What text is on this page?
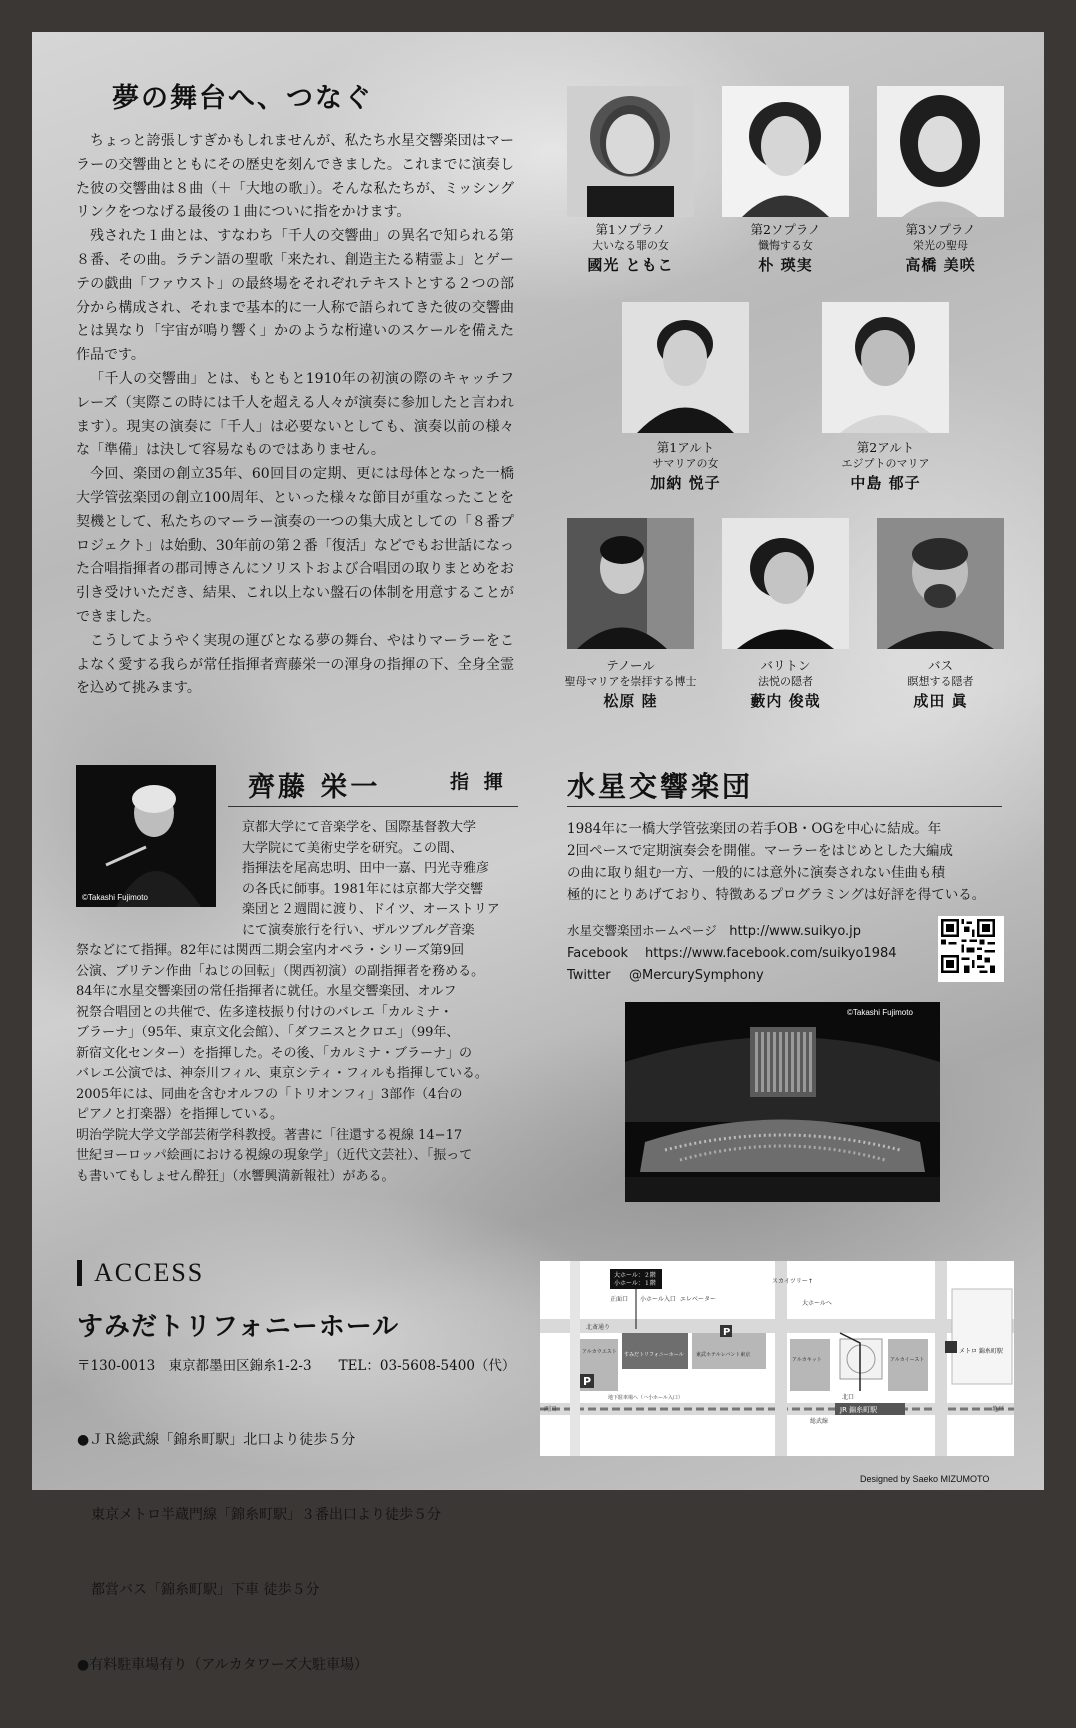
夢の舞台へ、つなぐ

ちょっと誇張しすぎかもしれませんが、私たち水星交響楽団はマーラーの交響曲とともにその歴史を刻んできました。これまでに演奏した彼の交響曲は８曲（＋「大地の歌」）。そんな私たちが、ミッシングリンクをつなげる最後の１曲についに指をかけます。

残された１曲とは、すなわち「千人の交響曲」の異名で知られる第８番、その曲。ラテン語の聖歌「来たれ、創造主たる精霊よ」とゲーテの戯曲「ファウスト」の最終場をそれぞれテキストとする２つの部分から構成され、それまで基本的に一人称で語られてきた彼の交響曲とは異なり「宇宙が鳴り響く」かのような桁違いのスケールを備えた作品です。

「千人の交響曲」とは、もともと1910年の初演の際のキャッチフレーズ（実際この時には千人を超える人々が演奏に参加したと言われます）。現実の演奏に「千人」は必要ないとしても、演奏以前の様々な「準備」は決して容易なものではありません。

今回、楽団の創立35年、60回目の定期、更には母体となった一橋大学管弦楽団の創立100周年、といった様々な節目が重なったことを契機として、私たちのマーラー演奏の一つの集大成としての「８番プロジェクト」は始動、30年前の第２番「復活」などでもお世話になった合唱指揮者の郡司博さんにソリストおよび合唱団の取りまとめをお引き受けいただき、結果、これ以上ない盤石の体制を用意することができました。

こうしてようやく実現の運びとなる夢の舞台、やはりマーラーをこよなく愛する我らが常任指揮者齊藤栄一の渾身の指揮の下、全身全霊を込めて挑みます。

第1ソプラノ
大いなる罪の女
國光 ともこ
第2ソプラノ
懺悔する女
朴 瑛実
第3ソプラノ
栄光の聖母
高橋 美咲
第1アルト
サマリアの女
加納 悦子
第2アルト
エジプトのマリア
中島 郁子
テノール
聖母マリアを崇拝する博士
松原 陸
バリトン
法悦の隠者
藪内 俊哉
バス
瞑想する隠者
成田 眞
©Takashi Fujimoto
齊藤 栄一	指 揮
京都大学にて音楽学を、国際基督教大学
大学院にて美術史学を研究。この間、
指揮法を尾高忠明、田中一嘉、円光寺雅彦
の各氏に師事。1981年には京都大学交響
楽団と２週間に渡り、ドイツ、オーストリア
にて演奏旅行を行い、ザルツブルグ音楽
祭などにて指揮。82年には関西二期会室内オペラ・シリーズ第9回
公演、ブリテン作曲「ねじの回転」（関西初演）の副指揮者を務める。
84年に水星交響楽団の常任指揮者に就任。水星交響楽団、オルフ
祝祭合唱団との共催で、佐多達枝振り付けのバレエ「カルミナ・
ブラーナ」（95年、東京文化会館）、「ダフニスとクロエ」（99年、
新宿文化センター）を指揮した。その後、「カルミナ・ブラーナ」の
バレエ公演では、神奈川フィル、東京シティ・フィルも指揮している。
2005年には、同曲を含むオルフの「トリオンフィ」3部作（4台の
ピアノと打楽器）を指揮している。
明治学院大学文学部芸術学科教授。著書に「往還する視線 14−17
世紀ヨーロッパ絵画における視線の現象学」（近代文芸社）、「振って
も書いてもしょせん酔狂」（水響興満新報社）がある。
水星交響楽団
1984年に一橋大学管弦楽団の若手OB・OGを中心に結成。年
2回ペースで定期演奏会を開催。マーラーをはじめとした大編成
の曲に取り組む一方、一般的には意外に演奏されない佳曲も積
極的にとりあげており、特徴あるプログラミングは好評を得ている。
水星交響楽団ホームページ　 http://www.suikyo.jp
Facebook https://www.facebook.com/suikyo1984
Twitter @MercurySymphony
©Takashi Fujimoto
ACCESS
すみだトリフォニーホール
〒130-0013　東京都墨田区錦糸1-2-3　　TEL：03-5608-5400（代）

●ＪＲ総武線「錦糸町駅」北口より徒歩５分

　東京メトロ半蔵門線「錦糸町駅」３番出口より徒歩５分

　都営バス「錦糸町駅」下車 徒歩５分

●有料駐車場有り（アルカタワーズ大駐車場）

大ホール：２階
正面口 小ホール入口 エレベーター
スカイツリー↑
大ホールへ
北斎通り
両国	亀戸
アルカウエスト すみだトリフォニーホール 東武ホテルレバント東京
アルカキット	アルカイースト
北口
JR 錦糸町駅
総武線
メトロ 錦糸町駅
地下駐車場へ（ハ小ホール入口）
P
P
小ホール：１階
Designed by Saeko MIZUMOTO
